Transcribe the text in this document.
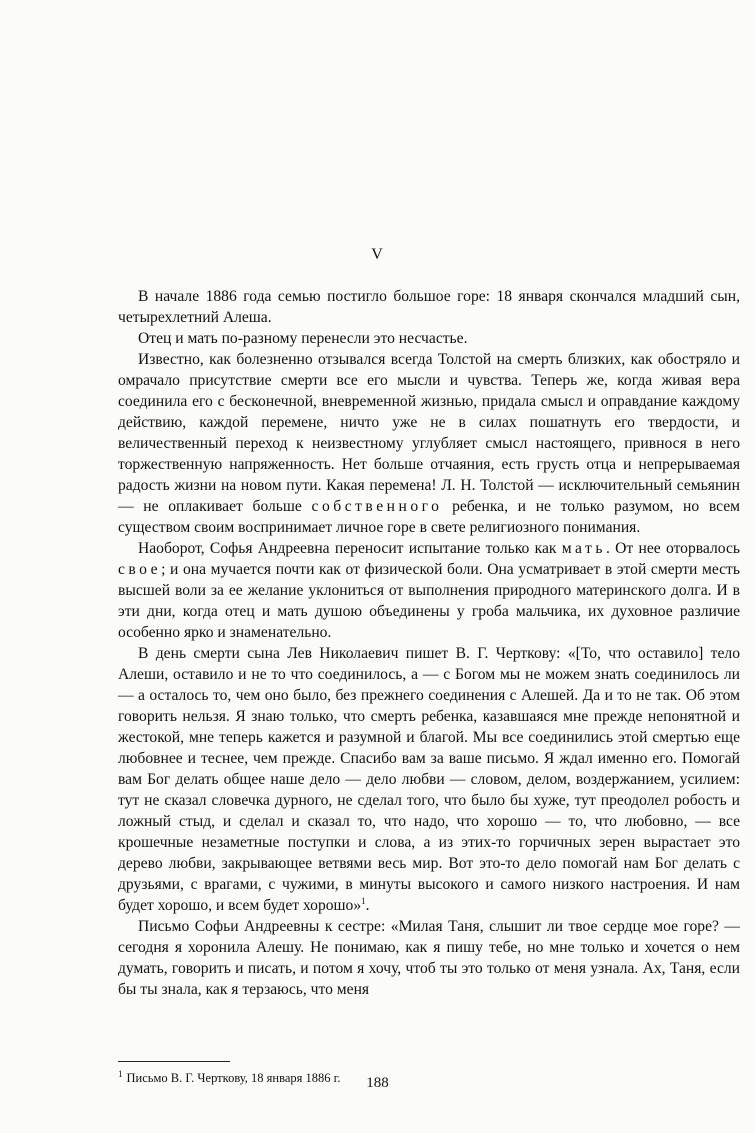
V

В начале 1886 года семью постигло большое горе: 18 января скончался младший сын, четырехлетний Алеша.

Отец и мать по-разному перенесли это несчастье.

Известно, как болезненно отзывался всегда Толстой на смерть близких, как обостряло и омрачало присутствие смерти все его мысли и чувства. Теперь же, когда живая вера соединила его с бесконечной, вневременной жизнью, придала смысл и оправдание каждому действию, каждой перемене, ничто уже не в силах пошатнуть его твердости, и величественный переход к неизвестному углубляет смысл настоящего, привнося в него торжественную напряженность. Нет больше отчаяния, есть грусть отца и непрерываемая радость жизни на новом пути. Какая перемена! Л. Н. Толстой — исключительный семьянин — не оплакивает больше собственного ребенка, и не только разумом, но всем существом своим воспринимает личное горе в свете религиозного понимания.

Наоборот, Софья Андреевна переносит испытание только как мать. От нее оторвалось свое; и она мучается почти как от физической боли. Она усматривает в этой смерти месть высшей воли за ее желание уклониться от выполнения природного материнского долга. И в эти дни, когда отец и мать душою объединены у гроба мальчика, их духовное различие особенно ярко и знаменательно.

В день смерти сына Лев Николаевич пишет В. Г. Черткову: «[То, что оставило] тело Алеши, оставило и не то что соединилось, а — с Богом мы не можем знать соединилось ли — а осталось то, чем оно было, без прежнего соединения с Алешей. Да и то не так. Об этом говорить нельзя. Я знаю только, что смерть ребенка, казавшаяся мне прежде непонятной и жестокой, мне теперь кажется и разумной и благой. Мы все соединились этой смертью еще любовнее и теснее, чем прежде. Спасибо вам за ваше письмо. Я ждал именно его. Помогай вам Бог делать общее наше дело — дело любви — словом, делом, воздержанием, усилием: тут не сказал словечка дурного, не сделал того, что было бы хуже, тут преодолел робость и ложный стыд, и сделал и сказал то, что надо, что хорошо — то, что любовно, — все крошечные незаметные поступки и слова, а из этих-то горчичных зерен вырастает это дерево любви, закрывающее ветвями весь мир. Вот это-то дело помогай нам Бог делать с друзьями, с врагами, с чужими, в минуты высокого и самого низкого настроения. И нам будет хорошо, и всем будет хорошо»$^1$.

Письмо Софьи Андреевны к сестре: «Милая Таня, слышит ли твое сердце мое горе? — сегодня я хоронила Алешу. Не понимаю, как я пишу тебе, но мне только и хочется о нем думать, говорить и писать, и потом я хочу, чтоб ты это только от меня узнала. Ах, Таня, если бы ты знала, как я терзаюсь, что меня

$^1$ Письмо В. Г. Черткову, 18 января 1886 г.	188
